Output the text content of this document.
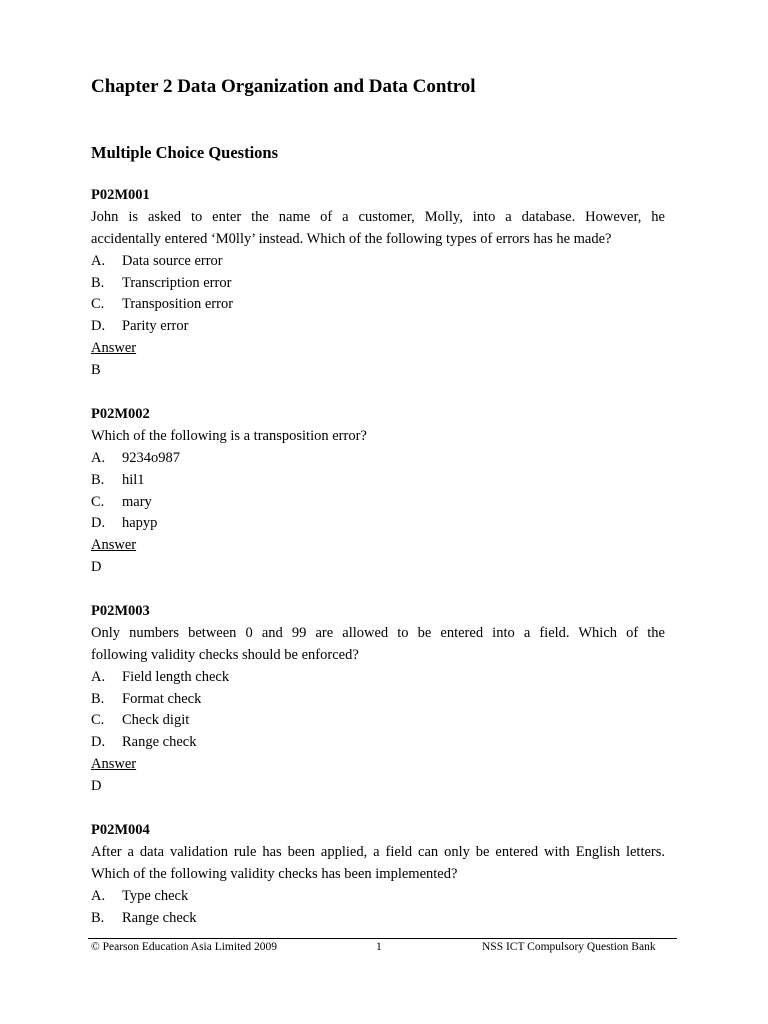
Chapter 2 Data Organization and Data Control
Multiple Choice Questions
P02M001
John is asked to enter the name of a customer, Molly, into a database. However, he
accidentally entered ‘M0lly’ instead. Which of the following types of errors has he made?
A.	Data source error
B.	Transcription error
C.	Transposition error
D.	Parity error
Answer
B
P02M002
Which of the following is a transposition error?
A.	9234o987
B.	hil1
C.	mary
D.	hapyp
Answer
D
P02M003
Only numbers between 0 and 99 are allowed to be entered into a field. Which of the
following validity checks should be enforced?
A.	Field length check
B.	Format check
C.	Check digit
D.	Range check
Answer
D
P02M004
After a data validation rule has been applied, a field can only be entered with English letters.
Which of the following validity checks has been implemented?
A.	Type check
B.	Range check
© Pearson Education Asia Limited 2009	1	NSS ICT Compulsory Question Bank
